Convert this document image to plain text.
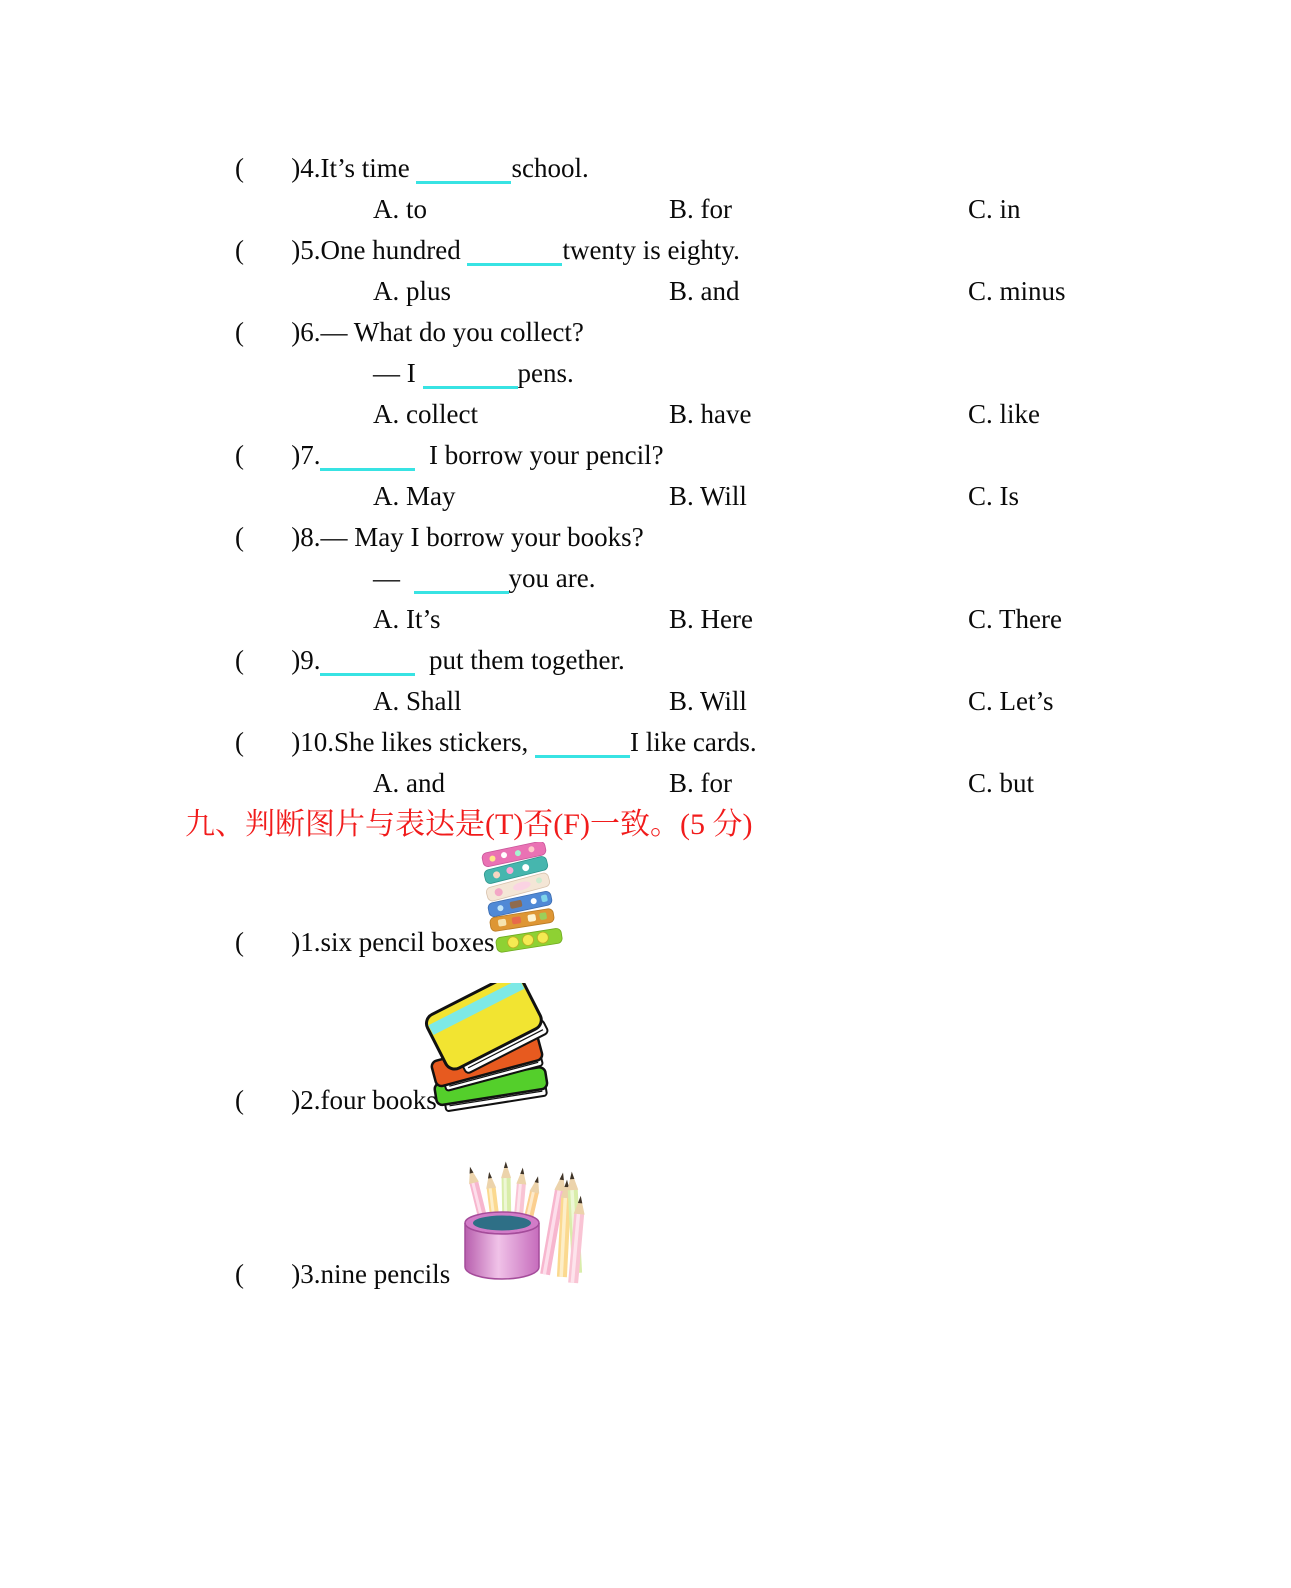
(       )4.It’s time	school.
A. to	B. for	C. in
(       )5.One hundred	twenty is eighty.
A. plus	B. and	C. minus
(       )6.— What do you collect?
— I	pens.
A. collect	B. have	C. like
(       )7.	I borrow your pencil?
A. May	B. Will	C. Is
(       )8.— May I borrow your books?
—	you are.
A. It’s	B. Here	C. There
(       )9.	put them together.
A. Shall	B. Will	C. Let’s
(       )10.She likes stickers,	I like cards.
A. and	B. for	C. but
九、判断图片与表达是(T)否(F)一致。(5 分)
(       )1.six pencil boxes
(       )2.four books
(       )3.nine pencils
